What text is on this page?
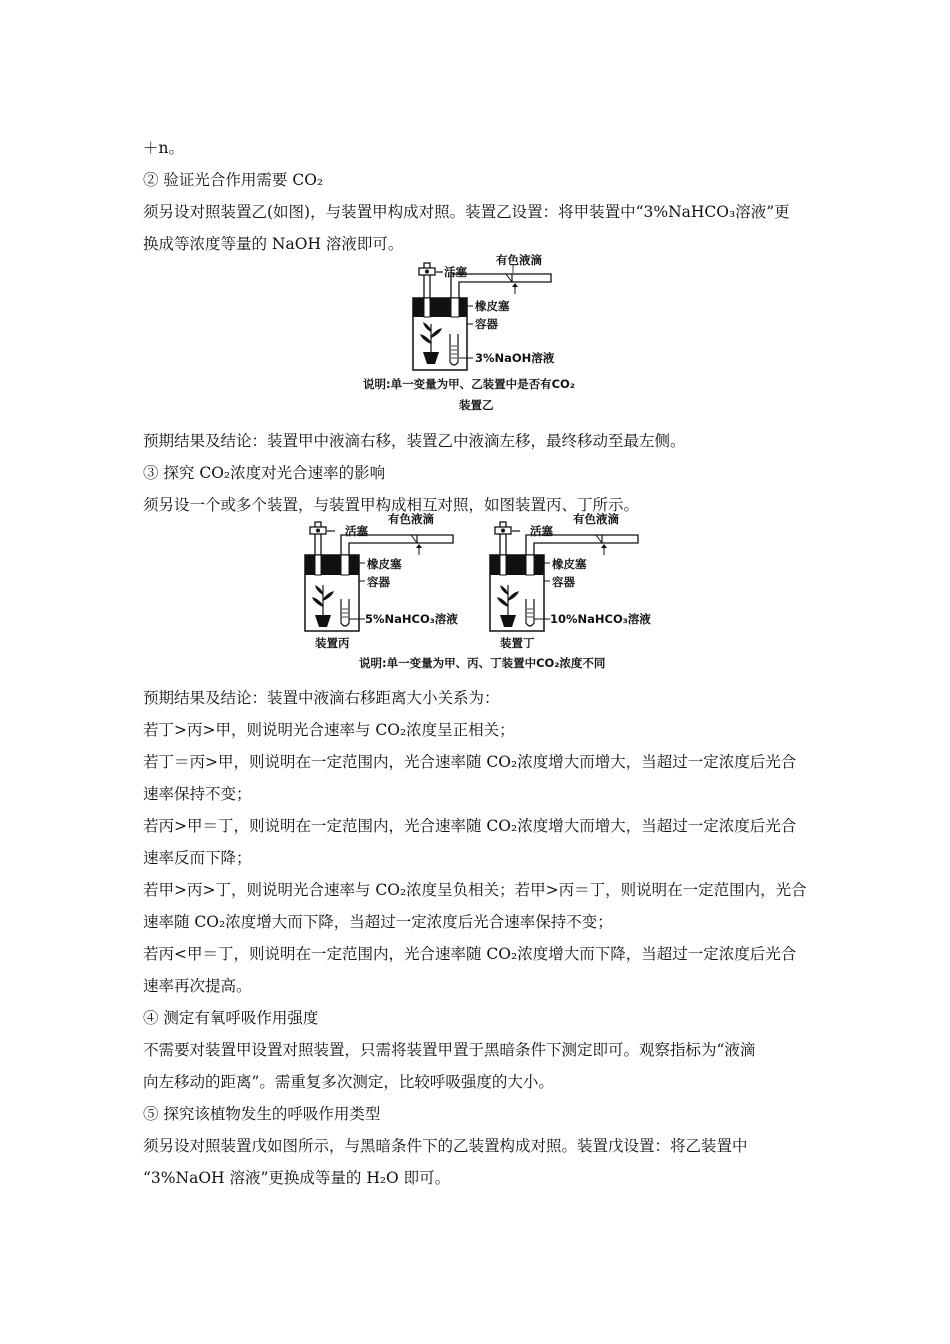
＋n。
② 验证光合作用需要 CO₂
须另设对照装置乙(如图)，与装置甲构成对照。装置乙设置：将甲装置中“3%NaHCO₃溶液”更
换成等浓度等量的 NaOH 溶液即可。
活塞
有色液滴
橡皮塞
容器
3%NaOH溶液
说明:单一变量为甲、乙装置中是否有CO₂
装置乙
预期结果及结论：装置甲中液滴右移，装置乙中液滴左移，最终移动至最左侧。
③ 探究 CO₂浓度对光合速率的影响
须另设一个或多个装置，与装置甲构成相互对照，如图装置丙、丁所示。
活塞
有色液滴
橡皮塞
容器
5%NaHCO₃溶液
装置丙
活塞
有色液滴
橡皮塞
容器
10%NaHCO₃溶液
装置丁
说明:单一变量为甲、丙、丁装置中CO₂浓度不同
预期结果及结论：装置中液滴右移距离大小关系为：
若丁>丙>甲，则说明光合速率与 CO₂浓度呈正相关；
若丁＝丙>甲，则说明在一定范围内，光合速率随 CO₂浓度增大而增大，当超过一定浓度后光合
速率保持不变；
若丙>甲＝丁，则说明在一定范围内，光合速率随 CO₂浓度增大而增大，当超过一定浓度后光合
速率反而下降；
若甲>丙>丁，则说明光合速率与 CO₂浓度呈负相关；若甲>丙＝丁，则说明在一定范围内，光合
速率随 CO₂浓度增大而下降，当超过一定浓度后光合速率保持不变；
若丙<甲＝丁，则说明在一定范围内，光合速率随 CO₂浓度增大而下降，当超过一定浓度后光合
速率再次提高。
④ 测定有氧呼吸作用强度
不需要对装置甲设置对照装置，只需将装置甲置于黑暗条件下测定即可。观察指标为“液滴
向左移动的距离”。需重复多次测定，比较呼吸强度的大小。
⑤ 探究该植物发生的呼吸作用类型
须另设对照装置戊如图所示，与黑暗条件下的乙装置构成对照。装置戊设置：将乙装置中
“3%NaOH 溶液”更换成等量的 H₂O 即可。
